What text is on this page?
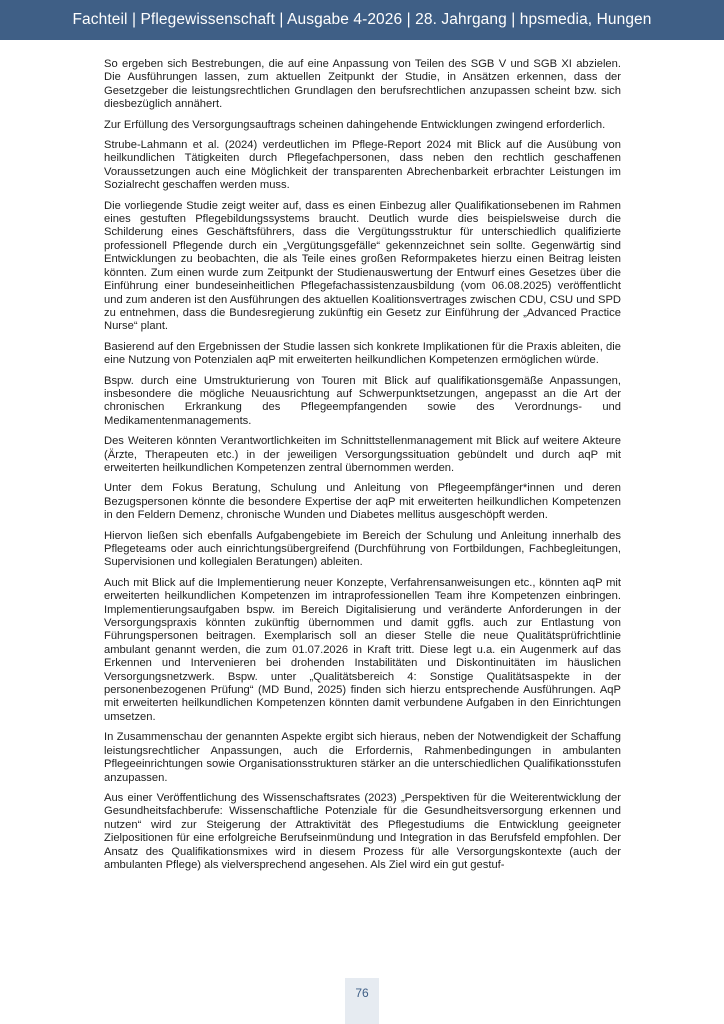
Fachteil | Pflegewissenschaft | Ausgabe 4-2026 | 28. Jahrgang | hpsmedia, Hungen

So ergeben sich Bestrebungen, die auf eine Anpassung von Teilen des SGB V und SGB XI abzielen. Die Ausführungen lassen, zum aktuellen Zeitpunkt der Studie, in Ansätzen erkennen, dass der Gesetzgeber die leistungsrechtlichen Grundlagen den berufsrechtlichen anzupassen scheint bzw. sich diesbezüglich annähert.

Zur Erfüllung des Versorgungsauftrags scheinen dahingehende Entwicklungen zwingend erforderlich.

Strube-Lahmann et al. (2024) verdeutlichen im Pflege-Report 2024 mit Blick auf die Ausübung von heilkundlichen Tätigkeiten durch Pflegefachpersonen, dass neben den rechtlich geschaffenen Voraussetzungen auch eine Möglichkeit der transparenten Abrechenbarkeit erbrachter Leistungen im Sozialrecht geschaffen werden muss.

Die vorliegende Studie zeigt weiter auf, dass es einen Einbezug aller Qualifikationsebenen im Rahmen eines gestuften Pflegebildungssystems braucht. Deutlich wurde dies beispielsweise durch die Schilderung eines Geschäftsführers, dass die Vergütungsstruktur für unterschiedlich qualifizierte professionell Pflegende durch ein „Vergütungsgefälle“ gekennzeichnet sein sollte. Gegenwärtig sind Entwicklungen zu beobachten, die als Teile eines großen Reformpaketes hierzu einen Beitrag leisten könnten. Zum einen wurde zum Zeitpunkt der Studienauswertung der Entwurf eines Gesetzes über die Einführung einer bundeseinheitlichen Pflegefachassistenzausbildung (vom 06.08.2025) veröffentlicht und zum anderen ist den Ausführungen des aktuellen Koalitionsvertrages zwischen CDU, CSU und SPD zu entnehmen, dass die Bundesregierung zukünftig ein Gesetz zur Einführung der „Advanced Practice Nurse“ plant.

Basierend auf den Ergebnissen der Studie lassen sich konkrete Implikationen für die Praxis ableiten, die eine Nutzung von Potenzialen aqP mit erweiterten heilkundlichen Kompetenzen ermöglichen würde.

Bspw. durch eine Umstrukturierung von Touren mit Blick auf qualifikationsgemäße Anpassungen, insbesondere die mögliche Neuausrichtung auf Schwerpunktsetzungen, angepasst an die Art der chronischen Erkrankung des Pflegeempfangenden sowie des Verordnungs- und Medikamentenmanagements.

Des Weiteren könnten Verantwortlichkeiten im Schnittstellenmanagement mit Blick auf weitere Akteure (Ärzte, Therapeuten etc.) in der jeweiligen Versorgungssituation gebündelt und durch aqP mit erweiterten heilkundlichen Kompetenzen zentral übernommen werden.

Unter dem Fokus Beratung, Schulung und Anleitung von Pflegeempfänger*innen und deren Bezugspersonen könnte die besondere Expertise der aqP mit erweiterten heilkundlichen Kompetenzen in den Feldern Demenz, chronische Wunden und Diabetes mellitus ausgeschöpft werden.

Hiervon ließen sich ebenfalls Aufgabengebiete im Bereich der Schulung und Anleitung innerhalb des Pflegeteams oder auch einrichtungsübergreifend (Durchführung von Fortbildungen, Fachbegleitungen, Supervisionen und kollegialen Beratungen) ableiten.

Auch mit Blick auf die Implementierung neuer Konzepte, Verfahrensanweisungen etc., könnten aqP mit erweiterten heilkundlichen Kompetenzen im intraprofessionellen Team ihre Kompetenzen einbringen. Implementierungsaufgaben bspw. im Bereich Digitalisierung und veränderte Anforderungen in der Versorgungspraxis könnten zukünftig übernommen und damit ggfls. auch zur Entlastung von Führungspersonen beitragen. Exemplarisch soll an dieser Stelle die neue Qualitätsprüfrichtlinie ambulant genannt werden, die zum 01.07.2026 in Kraft tritt. Diese legt u.a. ein Augenmerk auf das Erkennen und Intervenieren bei drohenden Instabilitäten und Diskontinuitäten im häuslichen Versorgungsnetzwerk. Bspw. unter „Qualitätsbereich 4: Sonstige Qualitätsaspekte in der personenbezogenen Prüfung“ (MD Bund, 2025) finden sich hierzu entsprechende Ausführungen. AqP mit erweiterten heilkundlichen Kompetenzen könnten damit verbundene Aufgaben in den Einrichtungen umsetzen.

In Zusammenschau der genannten Aspekte ergibt sich hieraus, neben der Notwendigkeit der Schaffung leistungsrechtlicher Anpassungen, auch die Erfordernis, Rahmenbedingungen in ambulanten Pflegeeinrichtungen sowie Organisationsstrukturen stärker an die unterschiedlichen Qualifikationsstufen anzupassen.

Aus einer Veröffentlichung des Wissenschaftsrates (2023) „Perspektiven für die Weiterentwicklung der Gesundheitsfachberufe: Wissenschaftliche Potenziale für die Gesundheitsversorgung erkennen und nutzen“ wird zur Steigerung der Attraktivität des Pflegestudiums die Entwicklung geeigneter Zielpositionen für eine erfolgreiche Berufseinmündung und Integration in das Berufsfeld empfohlen. Der Ansatz des Qualifikationsmixes wird in diesem Prozess für alle Versorgungskontexte (auch der ambulanten Pflege) als vielversprechend angesehen. Als Ziel wird ein gut gestuf-

76
